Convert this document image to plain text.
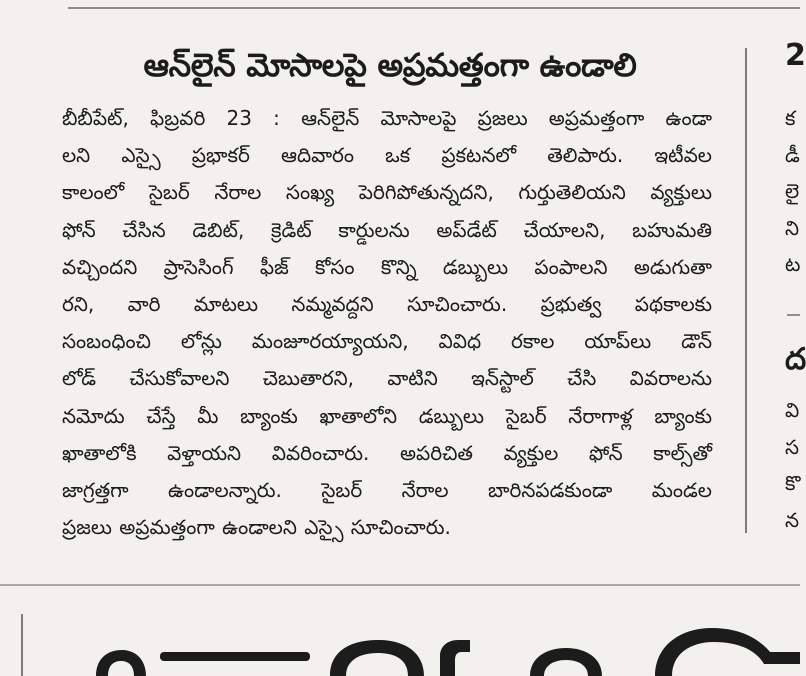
ఆన్‌లైన్ మోసాలపై అప్రమత్తంగా ఉండాలి
బీబీపేట్, ఫిబ్రవరి 23 : ఆన్‌లైన్ మోసాలపై ప్రజలు అప్రమత్తంగా ఉండా
లని ఎస్సై ప్రభాకర్ ఆదివారం ఒక ప్రకటనలో తెలిపారు. ఇటీవల
కాలంలో సైబర్ నేరాల సంఖ్య పెరిగిపోతున్నదని, గుర్తుతెలియని వ్యక్తులు
ఫోన్ చేసిన డెబిట్, క్రెడిట్ కార్డులను అప్‌డేట్ చేయాలని, బహుమతి
వచ్చిందని ప్రాసెసింగ్ ఫీజ్ కోసం కొన్ని డబ్బులు పంపాలని అడుగుతా
రని, వారి మాటలు నమ్మవద్దని సూచించారు. ప్రభుత్వ పథకాలకు
సంబంధించి లోన్లు మంజూరయ్యాయని, వివిధ రకాల యాప్‌లు డౌన్
లోడ్ చేసుకోవాలని చెబుతారని, వాటిని ఇన్‌స్టాల్ చేసి వివరాలను
నమోదు చేస్తే మీ బ్యాంకు ఖాతాలోని డబ్బులు సైబర్ నేరాగాళ్ల బ్యాంకు
ఖాతాలోకి వెళ్తాయని వివరించారు. అపరిచిత వ్యక్తుల ఫోన్ కాల్స్‌తో
జాగ్రత్తగా ఉండాలన్నారు. సైబర్ నేరాల బారినపడకుండా మండల
ప్రజలు అప్రమత్తంగా ఉండాలని ఎస్సై సూచించారు.
2
క
డీ
లై
ని
ట
ద
వి
స
కొ
న
